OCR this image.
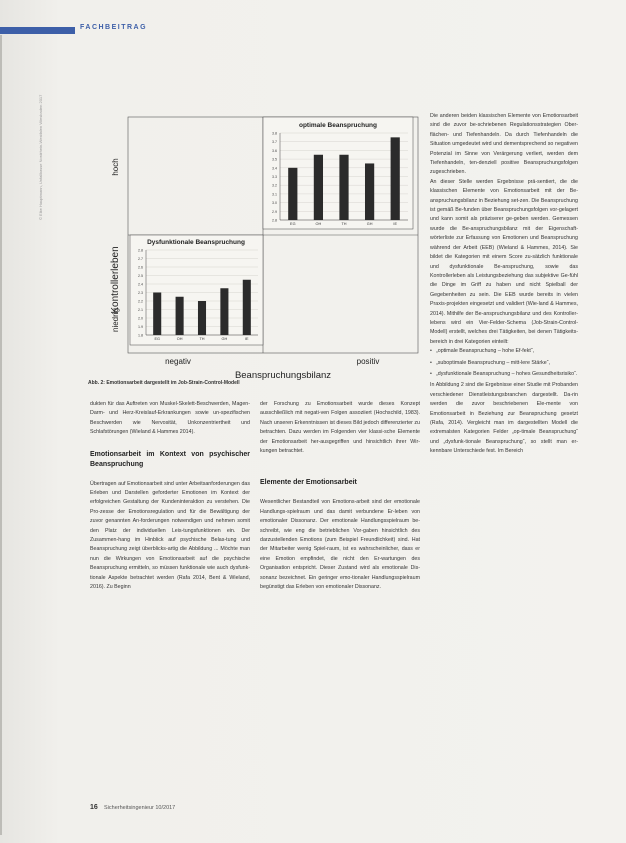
FACHBEITRAG
© Elke Hauptmann, Unfallkasse Nordrhein-Westfalen Wiesbaden 2017
Kontrollerleben
hoch
niedrig
negativ	positiv
Beanspruchungsbilanz
optimale Beanspruchung
3.8
3.7
3.6
3.5
3.4
3.3
3.2
3.1
3.0
2.9
2.8
EG	OH	TH	GH	IE
Dysfunktionale Beanspruchung
2.8
2.7
2.6
2.5
2.4
2.3
2.2
2.1
2.0
1.9
1.8
EG	OH	TH	GH	IE
Abb. 2: Emotionsarbeit dargestellt im Job-Strain-Control-Modell

dukten für das Auftreten von Muskel-Skelett-Beschwerden, Magen-Darm- und Herz-Kreislauf-Erkrankungen sowie un-spezifischen Beschwerden wie Nervosität, Unkonzentriertheit und Schlafstörungen (Wieland & Hammes 2014).

Emotionsarbeit im Kontext von psychischer Beanspruchung

Übertragen auf Emotionsarbeit sind unter Arbeitsanforderungen das Erleben und Darstellen geforderter Emotionen im Kontext der erfolgreichen Gestaltung der Kundeninteraktion zu verstehen. Die Pro-zesse der Emotionsregulation und für die Bewältigung der zuvor genannten An-forderungen notwendigen und nehmen somit den Platz der individuellen Leis-tungsfunktionen ein. Der Zusammen-hang im Hinblick auf psychische Belas-tung und Beanspruchung zeigt überblicks-artig die Abbildung ... Möchte man nun die Wirkungen von Emotionsarbeit auf die psychische Beanspruchung ermitteln, so müssen funktionale wie auch dysfunk-tionale Aspekte betrachtet werden (Rafa 2014, Bent & Wieland, 2016). Zu Beginn

der Forschung zu Emotionsarbeit wurde dieses Konzept ausschließlich mit negati-ven Folgen assoziiert (Hochschild, 1983). Nach unseren Erkenntnissen ist dieses Bild jedoch differenzierter zu betrachten. Dazu werden im Folgenden vier klassi-sche Elemente der Emotionsarbeit her-ausgegriffen und hinsichtlich ihrer Wir-kungen betrachtet.

Elemente der Emotionsarbeit

Wesentlicher Bestandteil von Emotions-arbeit sind der emotionale Handlungs-spielraum und das damit verbundene Er-leben von emotionaler Dissonanz. Der emotionale Handlungsspielraum be-schreibt, wie eng die betrieblichen Vor-gaben hinsichtlich des darzustellenden Emotions (zum Beispiel Freundlichkeit) sind. Hat der Mitarbeiter wenig Spiel-raum, ist es wahrscheinlicher, dass er eine Emotion empfindet, die nicht den Er-wartungen des Organisation entspricht. Dieser Zustand wird als emotionale Dis-sonanz bezeichnet. Ein geringer emo-tionaler Handlungsspielraum begünstigt das Erleben von emotionaler Dissonanz.

Die anderen beiden klassischen Elemente von Emotionsarbeit sind die zuvor be-schriebenen Regulationsstrategien Ober-flächen- und Tiefenhandeln. Da durch Tiefenhandeln die Situation umgedeutet wird und dementsprechend so negativen Potenzial im Sinne von Verärgerung verliert, werden dem Tiefenhandeln, ten-denziell positive Beanspruchungsfolgen zugeschrieben.

An dieser Stelle werden Ergebnisse prä-sentiert, die die klassischen Elemente von Emotionsarbeit mit der Be-anspruchungsbilanz in Beziehung set-zen. Die Beanspruchung ist gemäß Be-funden über Beanspruchungsfolgen vor-gelagert und kann somit als präziserer ge-geben werden. Gemessen wurde die Be-anspruchungsbilanz mit der Eigenschaft-wörterliste zur Erfassung von Emotionen und Beanspruchung während der Arbeit (EEB) (Wieland & Hammes, 2014). Sie bildet die Kategorien mit einem Score zu-sätzlich funktionale und dysfunktionale Be-anspruchung, sowie das Kontrollerleben als Leistungsbeziehung das subjektive Ge-fühl die Dinge im Griff zu haben und nicht Spielball der Gegebenheiten zu sein. Die EEB wurde bereits in vielen Praxis-projekten eingesetzt und validiert (Wie-land & Hammes, 2014). Mithilfe der Be-anspruchungsbilanz und des Kontroller-lebens wird ein Vier-Felder-Schema (Job-Strain-Control-Modell) erstellt, welches drei Tätigkeiten, bei denen Tätigkeits-bereich in drei Kategorien einteilt:

• „optimale Beanspruchung – hohe Ef-fekt“,
• „suboptimale Beanspruchung – mitt-lere Stärke“,
• „dysfunktionale Beanspruchung – hohes Gesundheitsrisiko“.

In Abbildung 2 sind die Ergebnisse einer Studie mit Probanden verschiedener Dienstleistungsbranchen dargestellt. Da-rin werden die zuvor beschriebenen Ele-mente von Emotionsarbeit in Beziehung zur Beanspruchung gesetzt (Rafa, 2014). Vergleicht man im dargestellten Modell die extremalsten Kategorien Felder „op-timale Beanspruchung“ und „dysfunk-tionale Beanspruchung“, so stellt man er-kennbare Unterschiede fest. Im Bereich

16 Sicherheitsingenieur 10/2017
